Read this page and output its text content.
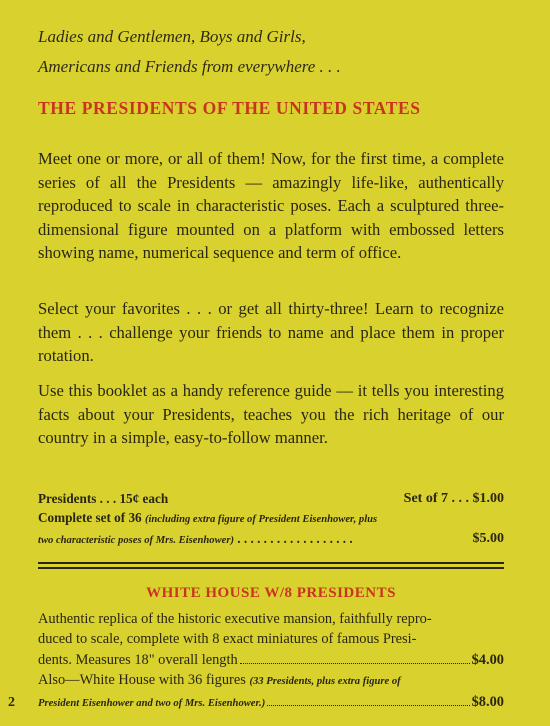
Ladies and Gentlemen, Boys and Girls,
Americans and Friends from everywhere . . .
THE PRESIDENTS OF THE UNITED STATES
Meet one or more, or all of them! Now, for the first time, a complete series of all the Presidents — amazingly life-like, authentically reproduced to scale in characteristic poses. Each a sculptured three-dimensional figure mounted on a platform with embossed letters showing name, numerical sequence and term of office.
Select your favorites . . . or get all thirty-three! Learn to recognize them . . . challenge your friends to name and place them in proper rotation.
Use this booklet as a handy reference guide — it tells you interesting facts about your Presidents, teaches you the rich heritage of our country in a simple, easy-to-follow manner.
Presidents . . . 15¢ each	Set of 7 . . . $1.00
Complete set of 36 (including extra figure of President Eisenhower, plus
two characteristic poses of Mrs. Eisenhower) . . . . . . . . . . . . . . . . . .	$5.00
WHITE HOUSE W/8 PRESIDENTS
Authentic replica of the historic executive mansion, faithfully repro-
duced to scale, complete with 8 exact miniatures of famous Presi-
dents. Measures 18" overall length	$4.00
Also—White House with 36 figures
(33 Presidents, plus extra figure of
President Eisenhower and two of Mrs. Eisenhower.)	$8.00
2
